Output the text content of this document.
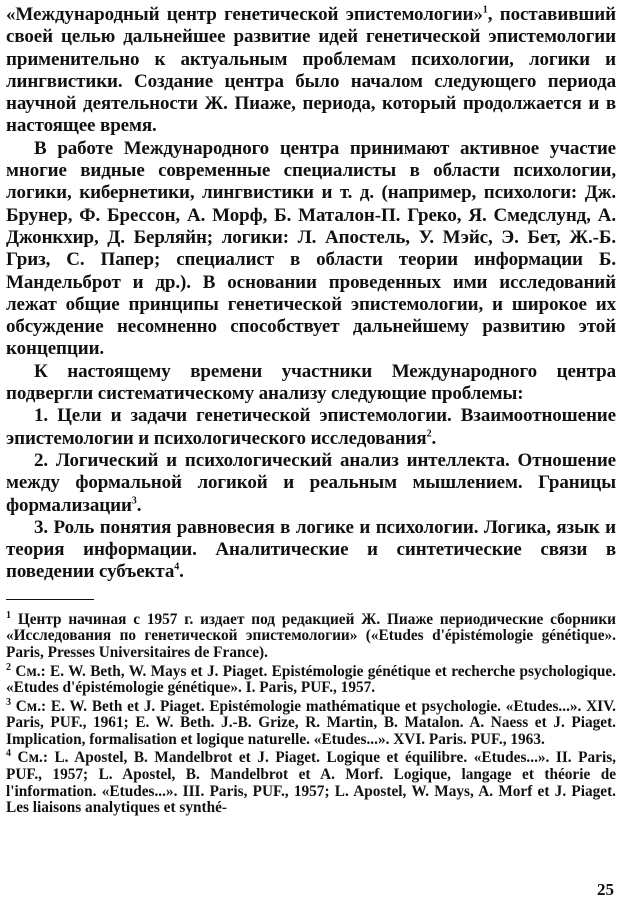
«Международный центр генетической эпистемологии»$^1$, поставивший своей целью дальнейшее развитие идей генетической эпистемологии применительно к актуальным проблемам психологии, логики и лингвистики. Создание центра было началом следующего периода научной деятельности Ж. Пиаже, периода, который продолжается и в настоящее время.

В работе Международного центра принимают активное участие многие видные современные специалисты в области психологии, логики, кибернетики, лингвистики и т. д. (например, психологи: Дж. Брунер, Ф. Брессон, А. Морф, Б. Маталон-П. Греко, Я. Смедслунд, А. Джонкхир, Д. Берляйн; логики: Л. Апостель, У. Мэйс, Э. Бет, Ж.-Б. Гриз, С. Папер; специалист в области теории информации Б. Мандельброт и др.). В основании проведенных ими исследований лежат общие принципы генетической эпистемологии, и широкое их обсуждение несомненно способствует дальнейшему развитию этой концепции.

К настоящему времени участники Международного центра подвергли систематическому анализу следующие проблемы:

1. Цели и задачи генетической эпистемологии. Взаимоотношение эпистемологии и психологического исследования$^2$.

2. Логический и психологический анализ интеллекта. Отношение между формальной логикой и реальным мышлением. Границы формализации$^3$.

3. Роль понятия равновесия в логике и психологии. Логика, язык и теория информации. Аналитические и синтетические связи в поведении субъекта$^4$.

$^1$ Центр начиная с 1957 г. издает под редакцией Ж. Пиаже периодические сборники «Исследования по генетической эпистемологии» («Etudes d'épistémologie génétique». Paris, Presses Universitaires de France).

$^2$ См.: E. W. Beth, W. Mays et J. Piaget. Epistémologie génétique et recherche psychologique. «Etudes d'épistémologie génétique». I. Paris, PUF., 1957.

$^3$ См.: E. W. Beth et J. Piaget. Epistémologie mathématique et psychologie. «Etudes...». XIV. Paris, PUF., 1961; E. W. Beth. J.-B. Grize, R. Martin, B. Matalon. A. Naess et J. Piaget. Implication, formalisation et logique naturelle. «Etudes...». XVI. Paris. PUF., 1963.

$^4$ См.: L. Apostel, B. Mandelbrot et J. Piaget. Logique et équilibre. «Etudes...». II. Paris, PUF., 1957; L. Apostel, B. Mandelbrot et A. Morf. Logique, langage et théorie de l'information. «Etudes...». III. Paris, PUF., 1957; L. Apostel, W. Mays, A. Morf et J. Piaget. Les liaisons analytiques et synthé-

25
